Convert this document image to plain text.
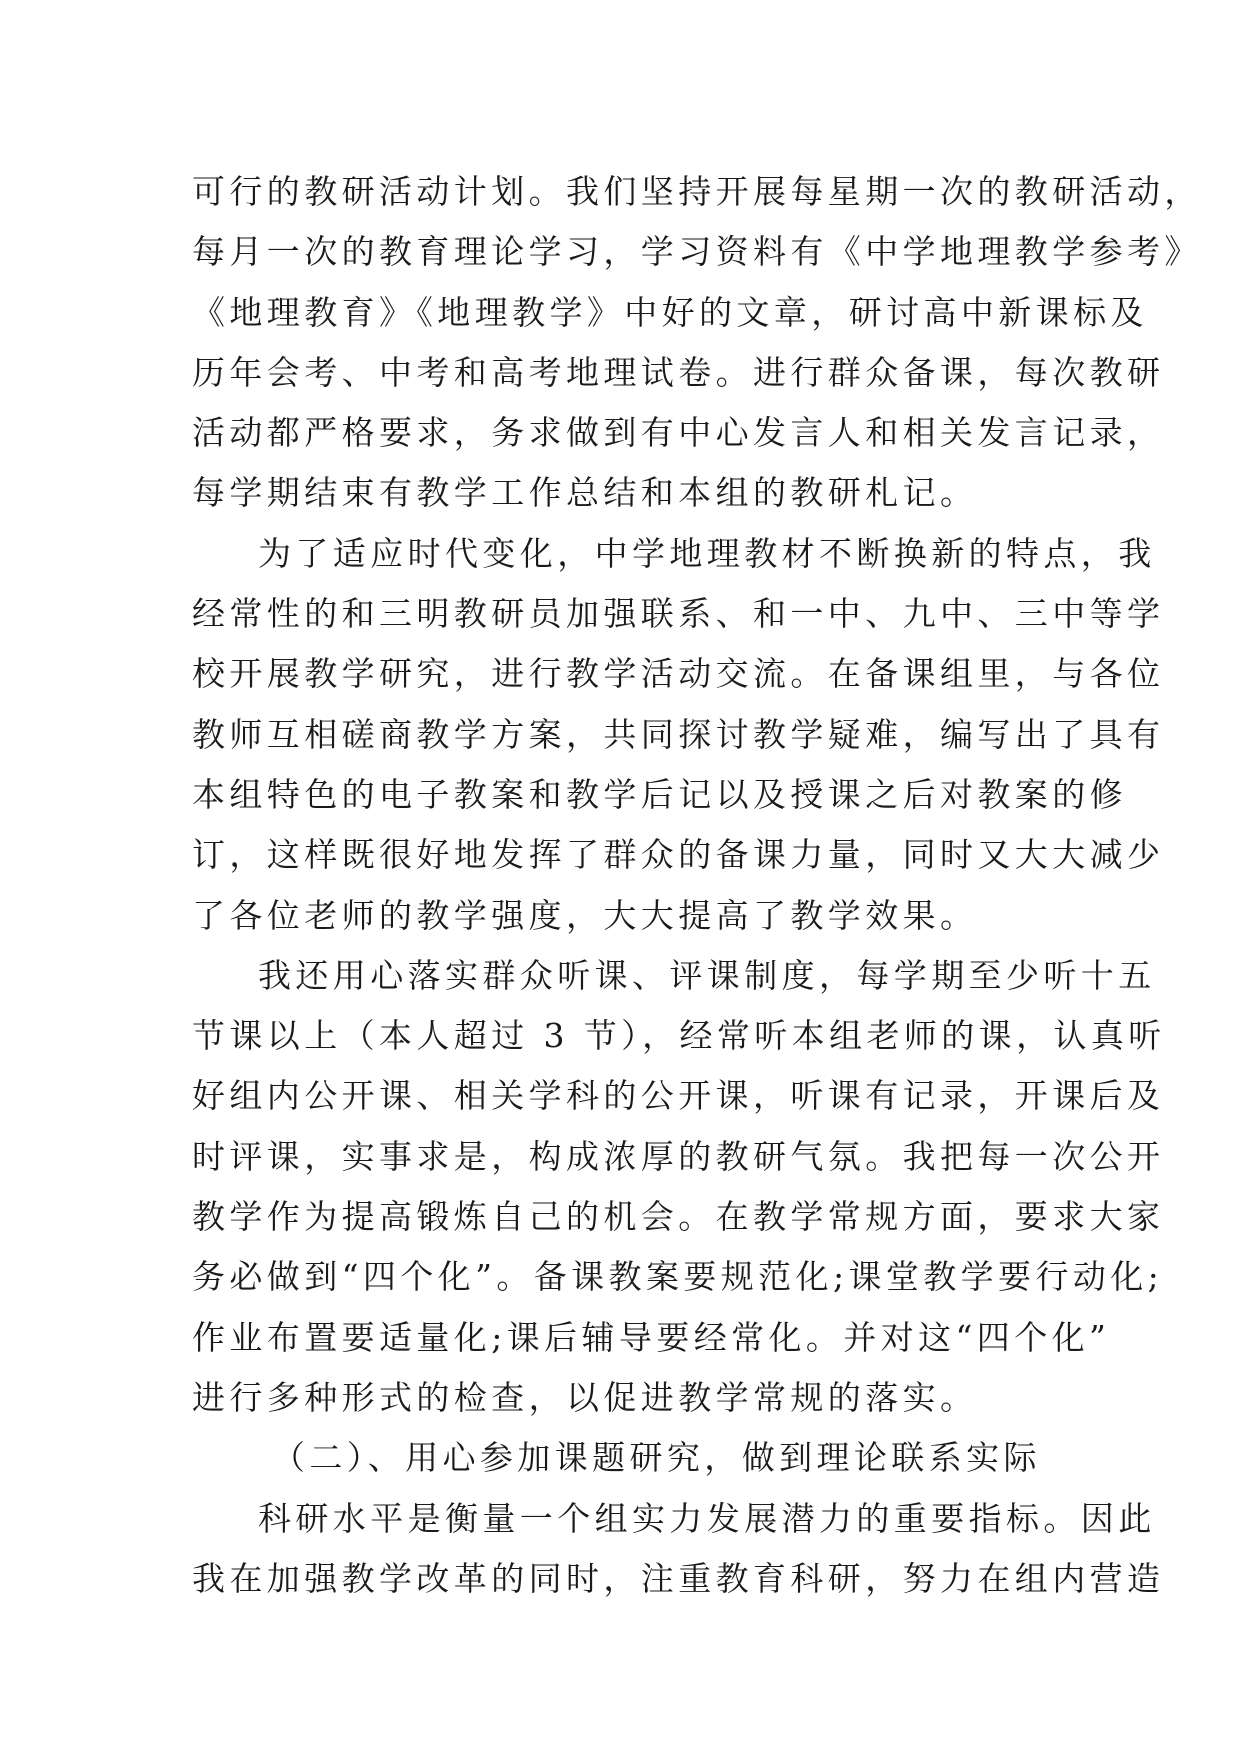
可行的教研活动计划。我们坚持开展每星期一次的教研活动，
每月一次的教育理论学习，学习资料有《中学地理教学参考》
《地理教育》《地理教学》中好的文章，研讨高中新课标及
历年会考、中考和高考地理试卷。进行群众备课，每次教研
活动都严格要求，务求做到有中心发言人和相关发言记录，
每学期结束有教学工作总结和本组的教研札记。
为了适应时代变化，中学地理教材不断换新的特点，我
经常性的和三明教研员加强联系、和一中、九中、三中等学
校开展教学研究，进行教学活动交流。在备课组里，与各位
教师互相磋商教学方案，共同探讨教学疑难，编写出了具有
本组特色的电子教案和教学后记以及授课之后对教案的修
订，这样既很好地发挥了群众的备课力量，同时又大大减少
了各位老师的教学强度，大大提高了教学效果。
我还用心落实群众听课、评课制度，每学期至少听十五
节课以上（本人超过 3 节），经常听本组老师的课，认真听
好组内公开课、相关学科的公开课，听课有记录，开课后及
时评课，实事求是，构成浓厚的教研气氛。我把每一次公开
教学作为提高锻炼自己的机会。在教学常规方面，要求大家
务必做到“四个化”。备课教案要规范化;课堂教学要行动化;
作业布置要适量化;课后辅导要经常化。并对这“四个化”
进行多种形式的检查，以促进教学常规的落实。
（二）、用心参加课题研究，做到理论联系实际
科研水平是衡量一个组实力发展潜力的重要指标。因此
我在加强教学改革的同时，注重教育科研，努力在组内营造
